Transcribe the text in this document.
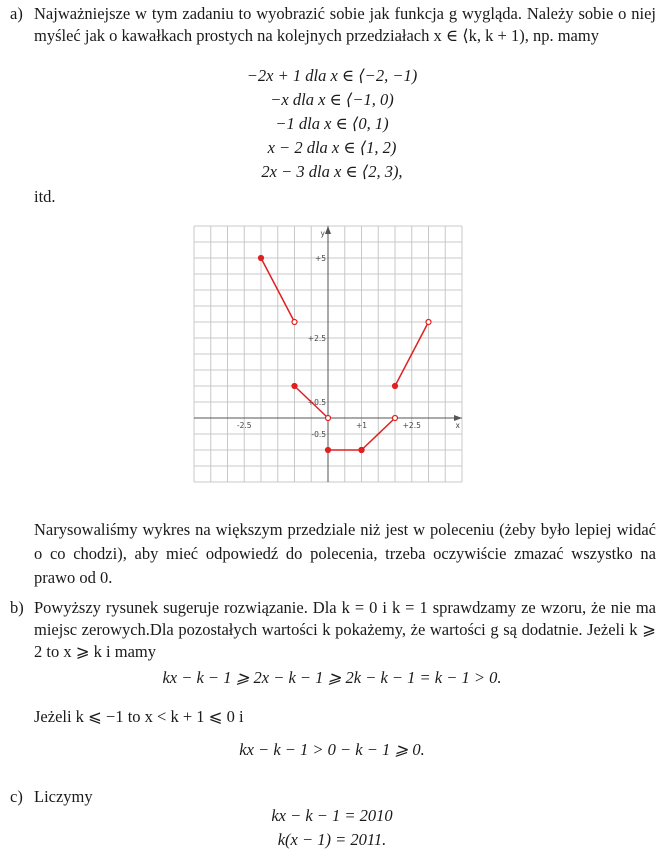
a) Najważniejsze w tym zadaniu to wyobrazić sobie jak funkcja g wygląda. Należy sobie o niej myśleć jak o kawałkach prostych na kolejnych przedziałach x ∈ ⟨k, k + 1), np. mamy
−2x + 1 dla x ∈ ⟨−2, −1)
−x dla x ∈ ⟨−1, 0)
−1 dla x ∈ ⟨0, 1)
x − 2 dla x ∈ ⟨1, 2)
2x − 3 dla x ∈ ⟨2, 3),
itd.
-2.5	+1	+2.5
+5
+2.5
+0.5
-0.5
x
y
Narysowaliśmy wykres na większym przedziale niż jest w poleceniu (żeby było lepiej widać o co chodzi), aby mieć odpowiedź do polecenia, trzeba oczywiście zmazać wszystko na prawo od 0.
b) Powyższy rysunek sugeruje rozwiązanie. Dla k = 0 i k = 1 sprawdzamy ze wzoru, że nie ma miejsc zerowych.Dla pozostałych wartości k pokażemy, że wartości g są dodatnie. Jeżeli k ⩾ 2 to x ⩾ k i mamy
kx − k − 1 ⩾ 2x − k − 1 ⩾ 2k − k − 1 = k − 1 > 0.
Jeżeli k ⩽ −1 to x < k + 1 ⩽ 0 i
kx − k − 1 > 0 − k − 1 ⩾ 0.
c) Liczymy
kx − k − 1 = 2010
k(x − 1) = 2011.
